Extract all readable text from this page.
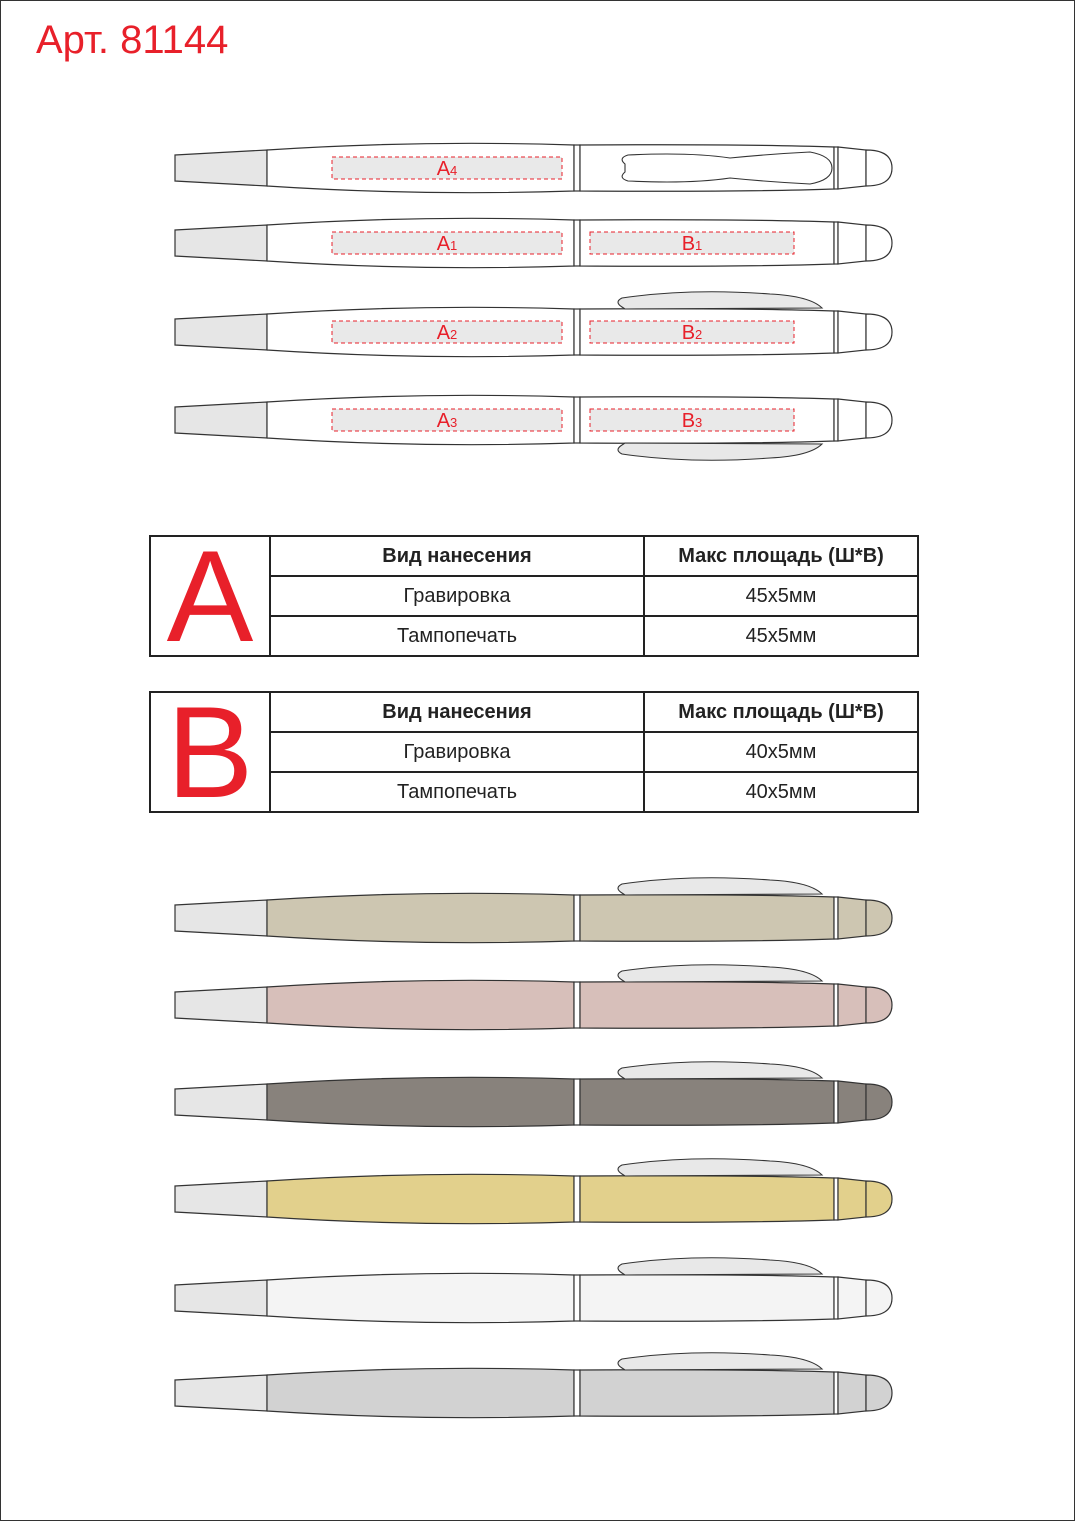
Арт. 81144
A4
A1	B1
A2	B2
A3	B3
A	Вид нанесения	Макс площадь (Ш*В)
	Гравировка	45x5мм
	Тампопечать	45x5мм
B	Вид нанесения	Макс площадь (Ш*В)
	Гравировка	40x5мм
	Тампопечать	40x5мм
